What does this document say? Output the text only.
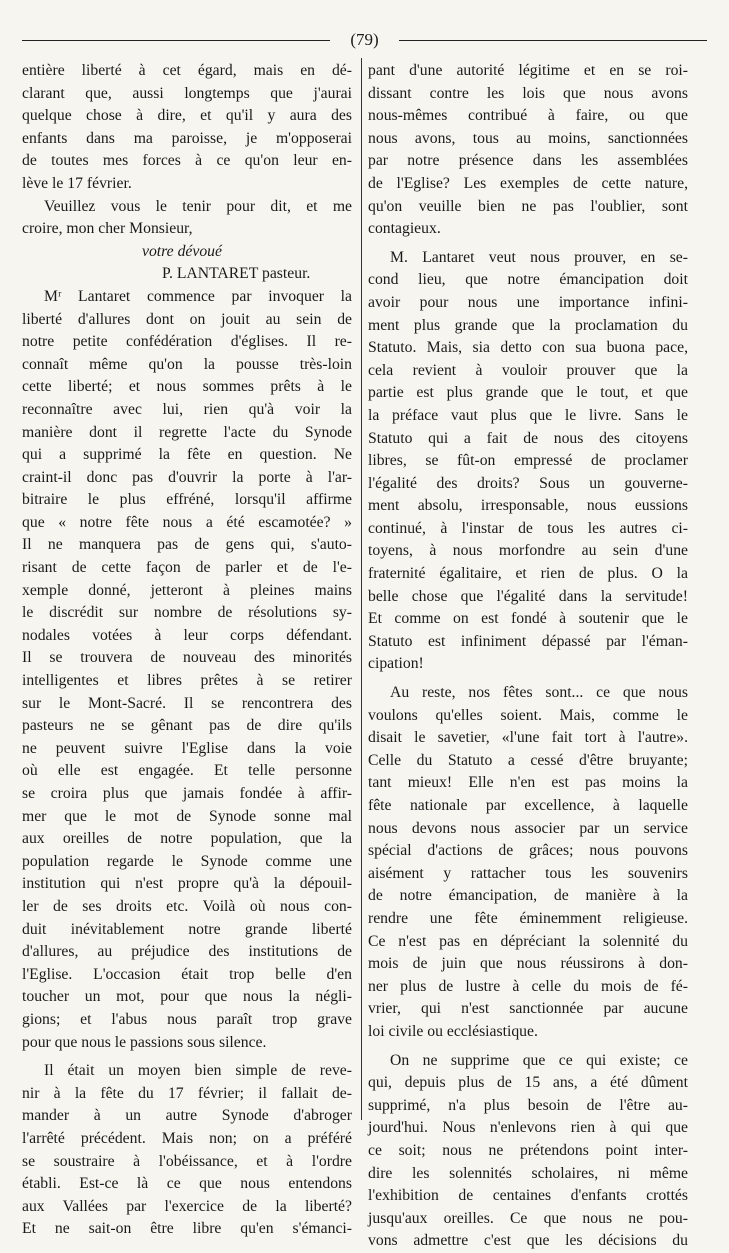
(79)
entière liberté à cet égard, mais en dé-
clarant que, aussi longtemps que j'aurai
quelque chose à dire, et qu'il y aura des
enfants dans ma paroisse, je m'opposerai
de toutes mes forces à ce qu'on leur en-
lève le 17 février.
Veuillez vous le tenir pour dit, et me
croire, mon cher Monsieur,
votre dévoué
P. LANTARET pasteur.
Mʳ Lantaret commence par invoquer la
liberté d'allures dont on jouit au sein de
notre petite confédération d'églises. Il re-
connaît même qu'on la pousse très-loin
cette liberté; et nous sommes prêts à le
reconnaître avec lui, rien qu'à voir la
manière dont il regrette l'acte du Synode
qui a supprimé la fête en question. Ne
craint-il donc pas d'ouvrir la porte à l'ar-
bitraire le plus effréné, lorsqu'il affirme
que « notre fête nous a été escamotée? »
Il ne manquera pas de gens qui, s'auto-
risant de cette façon de parler et de l'e-
xemple donné, jetteront à pleines mains
le discrédit sur nombre de résolutions sy-
nodales votées à leur corps défendant.
Il se trouvera de nouveau des minorités
intelligentes et libres prêtes à se retirer
sur le Mont-Sacré. Il se rencontrera des
pasteurs ne se gênant pas de dire qu'ils
ne peuvent suivre l'Eglise dans la voie
où elle est engagée. Et telle personne
se croira plus que jamais fondée à affir-
mer que le mot de Synode sonne mal
aux oreilles de notre population, que la
population regarde le Synode comme une
institution qui n'est propre qu'à la dépouil-
ler de ses droits etc. Voilà où nous con-
duit inévitablement notre grande liberté
d'allures, au préjudice des institutions de
l'Eglise. L'occasion était trop belle d'en
toucher un mot, pour que nous la négli-
gions; et l'abus nous paraît trop grave
pour que nous le passions sous silence.
Il était un moyen bien simple de reve-
nir à la fête du 17 février; il fallait de-
mander à un autre Synode d'abroger
l'arrêté précédent. Mais non; on a préféré
se soustraire à l'obéissance, et à l'ordre
établi. Est-ce là ce que nous entendons
aux Vallées par l'exercice de la liberté?
Et ne sait-on être libre qu'en s'émanci-
pant d'une autorité légitime et en se roi-
dissant contre les lois que nous avons
nous-mêmes contribué à faire, ou que
nous avons, tous au moins, sanctionnées
par notre présence dans les assemblées
de l'Eglise? Les exemples de cette nature,
qu'on veuille bien ne pas l'oublier, sont
contagieux.
M. Lantaret veut nous prouver, en se-
cond lieu, que notre émancipation doit
avoir pour nous une importance infini-
ment plus grande que la proclamation du
Statuto. Mais, sia detto con sua buona pace,
cela revient à vouloir prouver que la
partie est plus grande que le tout, et que
la préface vaut plus que le livre. Sans le
Statuto qui a fait de nous des citoyens
libres, se fût-on empressé de proclamer
l'égalité des droits? Sous un gouverne-
ment absolu, irresponsable, nous eussions
continué, à l'instar de tous les autres ci-
toyens, à nous morfondre au sein d'une
fraternité égalitaire, et rien de plus. O la
belle chose que l'égalité dans la servitude!
Et comme on est fondé à soutenir que le
Statuto est infiniment dépassé par l'éman-
cipation!
Au reste, nos fêtes sont... ce que nous
voulons qu'elles soient. Mais, comme le
disait le savetier, «l'une fait tort à l'autre».
Celle du Statuto a cessé d'être bruyante;
tant mieux! Elle n'en est pas moins la
fête nationale par excellence, à laquelle
nous devons nous associer par un service
spécial d'actions de grâces; nous pouvons
aisément y rattacher tous les souvenirs
de notre émancipation, de manière à la
rendre une fête éminemment religieuse.
Ce n'est pas en dépréciant la solennité du
mois de juin que nous réussirons à don-
ner plus de lustre à celle du mois de fé-
vrier, qui n'est sanctionnée par aucune
loi civile ou ecclésiastique.
On ne supprime que ce qui existe; ce
qui, depuis plus de 15 ans, a été dûment
supprimé, n'a plus besoin de l'être au-
jourd'hui. Nous n'enlevons rien à qui que
ce soit; nous ne prétendons point inter-
dire les solennités scholaires, ni même
l'exhibition de centaines d'enfants crottés
jusqu'aux oreilles. Ce que nous ne pou-
vons admettre c'est que les décisions du
